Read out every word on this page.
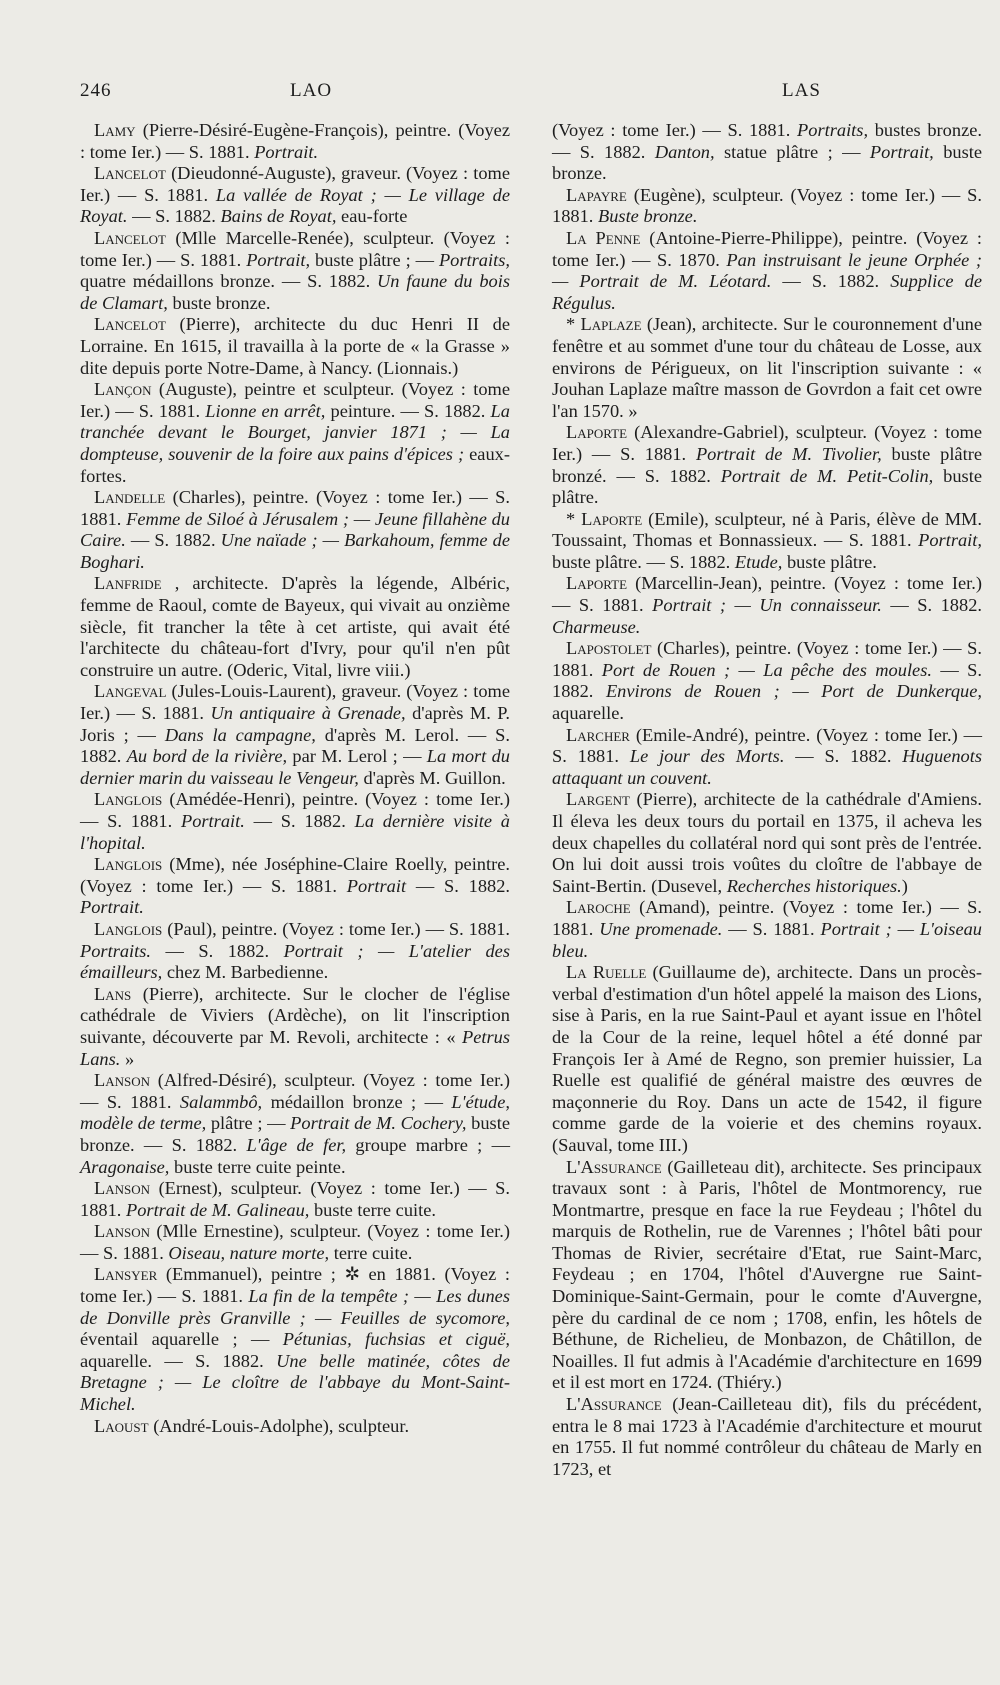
246	LAO	LAS

Lamy (Pierre-Désiré-Eugène-François), peintre. (Voyez : tome Ier.) — S. 1881. Portrait.

Lancelot (Dieudonné-Auguste), graveur. (Voyez : tome Ier.) — S. 1881. La vallée de Royat ; — Le village de Royat. — S. 1882. Bains de Royat, eau-forte

Lancelot (Mlle Marcelle-Renée), sculpteur. (Voyez : tome Ier.) — S. 1881. Portrait, buste plâtre ; — Portraits, quatre médaillons bronze. — S. 1882. Un faune du bois de Clamart, buste bronze.

Lancelot (Pierre), architecte du duc Henri II de Lorraine. En 1615, il travailla à la porte de « la Grasse » dite depuis porte Notre-Dame, à Nancy. (Lionnais.)

Lançon (Auguste), peintre et sculpteur. (Voyez : tome Ier.) — S. 1881. Lionne en arrêt, peinture. — S. 1882. La tranchée devant le Bourget, janvier 1871 ; — La dompteuse, souvenir de la foire aux pains d'épices ; eaux-fortes.

Landelle (Charles), peintre. (Voyez : tome Ier.) — S. 1881. Femme de Siloé à Jérusalem ; — Jeune fillahène du Caire. — S. 1882. Une naïade ; — Barkahoum, femme de Boghari.

Lanfride , architecte. D'après la légende, Albéric, femme de Raoul, comte de Bayeux, qui vivait au onzième siècle, fit trancher la tête à cet artiste, qui avait été l'architecte du château-fort d'Ivry, pour qu'il n'en pût construire un autre. (Oderic, Vital, livre viii.)

Langeval (Jules-Louis-Laurent), graveur. (Voyez : tome Ier.) — S. 1881. Un antiquaire à Grenade, d'après M. P. Joris ; — Dans la campagne, d'après M. Lerol. — S. 1882. Au bord de la rivière, par M. Lerol ; — La mort du dernier marin du vaisseau le Vengeur, d'après M. Guillon.

Langlois (Amédée-Henri), peintre. (Voyez : tome Ier.) — S. 1881. Portrait. — S. 1882. La dernière visite à l'hopital.

Langlois (Mme), née Joséphine-Claire Roelly, peintre. (Voyez : tome Ier.) — S. 1881. Portrait — S. 1882. Portrait.

Langlois (Paul), peintre. (Voyez : tome Ier.) — S. 1881. Portraits. — S. 1882. Portrait ; — L'atelier des émailleurs, chez M. Barbedienne.

Lans (Pierre), architecte. Sur le clocher de l'église cathédrale de Viviers (Ardèche), on lit l'inscription suivante, découverte par M. Revoli, architecte : « Petrus Lans. »

Lanson (Alfred-Désiré), sculpteur. (Voyez : tome Ier.) — S. 1881. Salammbô, médaillon bronze ; — L'étude, modèle de terme, plâtre ; — Portrait de M. Cochery, buste bronze. — S. 1882. L'âge de fer, groupe marbre ; — Aragonaise, buste terre cuite peinte.

Lanson (Ernest), sculpteur. (Voyez : tome Ier.) — S. 1881. Portrait de M. Galineau, buste terre cuite.

Lanson (Mlle Ernestine), sculpteur. (Voyez : tome Ier.) — S. 1881. Oiseau, nature morte, terre cuite.

Lansyer (Emmanuel), peintre ; ✲ en 1881. (Voyez : tome Ier.) — S. 1881. La fin de la tempête ; — Les dunes de Donville près Granville ; — Feuilles de sycomore, éventail aquarelle ; — Pétunias, fuchsias et ciguë, aquarelle. — S. 1882. Une belle matinée, côtes de Bretagne ; — Le cloître de l'abbaye du Mont-Saint-Michel.

Laoust (André-Louis-Adolphe), sculpteur.

(Voyez : tome Ier.) — S. 1881. Portraits, bustes bronze. — S. 1882. Danton, statue plâtre ; — Portrait, buste bronze.

Lapayre (Eugène), sculpteur. (Voyez : tome Ier.) — S. 1881. Buste bronze.

La Penne (Antoine-Pierre-Philippe), peintre. (Voyez : tome Ier.) — S. 1870. Pan instruisant le jeune Orphée ; — Portrait de M. Léotard. — S. 1882. Supplice de Régulus.

* Laplaze (Jean), architecte. Sur le couronnement d'une fenêtre et au sommet d'une tour du château de Losse, aux environs de Périgueux, on lit l'inscription suivante : « Jouhan Laplaze maître masson de Govrdon a fait cet owre l'an 1570. »

Laporte (Alexandre-Gabriel), sculpteur. (Voyez : tome Ier.) — S. 1881. Portrait de M. Tivolier, buste plâtre bronzé. — S. 1882. Portrait de M. Petit-Colin, buste plâtre.

* Laporte (Emile), sculpteur, né à Paris, élève de MM. Toussaint, Thomas et Bonnassieux. — S. 1881. Portrait, buste plâtre. — S. 1882. Etude, buste plâtre.

Laporte (Marcellin-Jean), peintre. (Voyez : tome Ier.) — S. 1881. Portrait ; — Un connaisseur. — S. 1882. Charmeuse.

Lapostolet (Charles), peintre. (Voyez : tome Ier.) — S. 1881. Port de Rouen ; — La pêche des moules. — S. 1882. Environs de Rouen ; — Port de Dunkerque, aquarelle.

Larcher (Emile-André), peintre. (Voyez : tome Ier.) — S. 1881. Le jour des Morts. — S. 1882. Huguenots attaquant un couvent.

Largent (Pierre), architecte de la cathédrale d'Amiens. Il éleva les deux tours du portail en 1375, il acheva les deux chapelles du collatéral nord qui sont près de l'entrée. On lui doit aussi trois voûtes du cloître de l'abbaye de Saint-Bertin. (Dusevel, Recherches historiques.)

Laroche (Amand), peintre. (Voyez : tome Ier.) — S. 1881. Une promenade. — S. 1881. Portrait ; — L'oiseau bleu.

La Ruelle (Guillaume de), architecte. Dans un procès-verbal d'estimation d'un hôtel appelé la maison des Lions, sise à Paris, en la rue Saint-Paul et ayant issue en l'hôtel de la Cour de la reine, lequel hôtel a été donné par François Ier à Amé de Regno, son premier huissier, La Ruelle est qualifié de général maistre des œuvres de maçonnerie du Roy. Dans un acte de 1542, il figure comme garde de la voierie et des chemins royaux. (Sauval, tome III.)

L'Assurance (Gailleteau dit), architecte. Ses principaux travaux sont : à Paris, l'hôtel de Montmorency, rue Montmartre, presque en face la rue Feydeau ; l'hôtel du marquis de Rothelin, rue de Varennes ; l'hôtel bâti pour Thomas de Rivier, secrétaire d'Etat, rue Saint-Marc, Feydeau ; en 1704, l'hôtel d'Auvergne rue Saint-Dominique-Saint-Germain, pour le comte d'Auvergne, père du cardinal de ce nom ; 1708, enfin, les hôtels de Béthune, de Richelieu, de Monbazon, de Châtillon, de Noailles. Il fut admis à l'Académie d'architecture en 1699 et il est mort en 1724. (Thiéry.)

L'Assurance (Jean-Cailleteau dit), fils du précédent, entra le 8 mai 1723 à l'Académie d'architecture et mourut en 1755. Il fut nommé contrôleur du château de Marly en 1723, et
